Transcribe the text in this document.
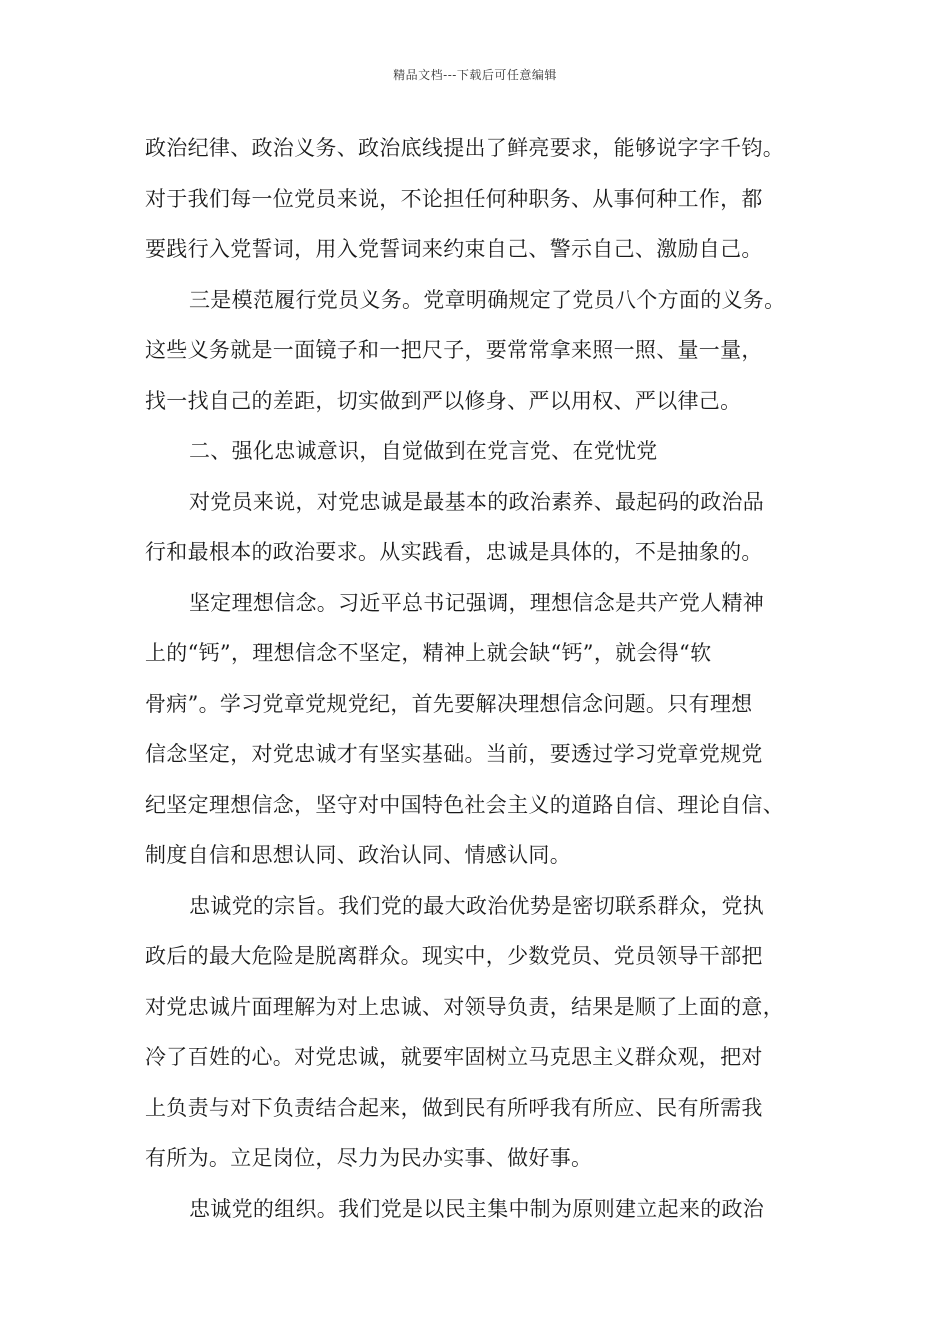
精品文档---下载后可任意编辑
政治纪律、政治义务、政治底线提出了鲜亮要求，能够说字字千钧。
对于我们每一位党员来说，不论担任何种职务、从事何种工作，都
要践行入党誓词，用入党誓词来约束自己、警示自己、激励自己。
三是模范履行党员义务。党章明确规定了党员八个方面的义务。
这些义务就是一面镜子和一把尺子，要常常拿来照一照、量一量，
找一找自己的差距，切实做到严以修身、严以用权、严以律己。
二、强化忠诚意识，自觉做到在党言党、在党忧党
对党员来说，对党忠诚是最基本的政治素养、最起码的政治品
行和最根本的政治要求。从实践看，忠诚是具体的，不是抽象的。
坚定理想信念。习近平总书记强调，理想信念是共产党人精神
上的“钙”，理想信念不坚定，精神上就会缺“钙”，就会得“软
骨病”。学习党章党规党纪，首先要解决理想信念问题。只有理想
信念坚定，对党忠诚才有坚实基础。当前，要透过学习党章党规党
纪坚定理想信念，坚守对中国特色社会主义的道路自信、理论自信、
制度自信和思想认同、政治认同、情感认同。
忠诚党的宗旨。我们党的最大政治优势是密切联系群众，党执
政后的最大危险是脱离群众。现实中，少数党员、党员领导干部把
对党忠诚片面理解为对上忠诚、对领导负责，结果是顺了上面的意，
冷了百姓的心。对党忠诚，就要牢固树立马克思主义群众观，把对
上负责与对下负责结合起来，做到民有所呼我有所应、民有所需我
有所为。立足岗位，尽力为民办实事、做好事。
忠诚党的组织。我们党是以民主集中制为原则建立起来的政治
